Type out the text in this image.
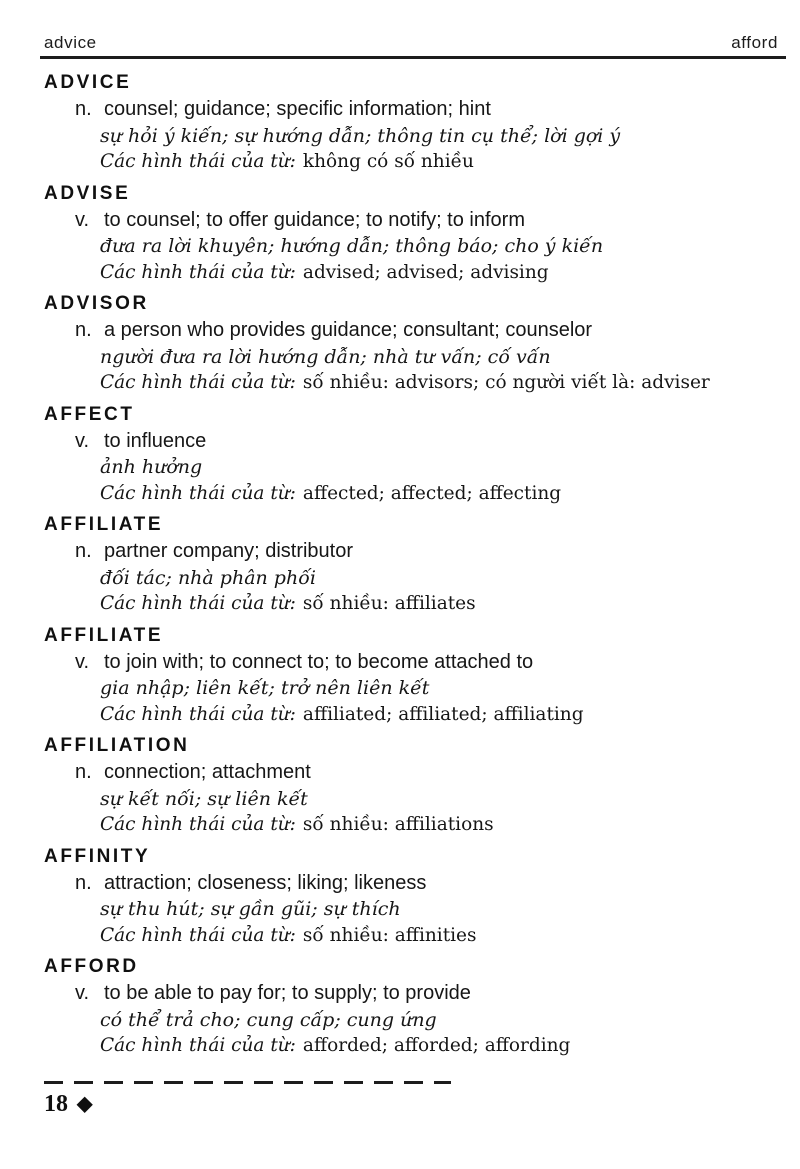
advice	afford
ADVICE

n. counsel; guidance; specific information; hint

sự hỏi ý kiến; sự hướng dẫn; thông tin cụ thể; lời gợi ý

Các hình thái của từ: không có số nhiều

ADVISE

v. to counsel; to offer guidance; to notify; to inform

đưa ra lời khuyên; hướng dẫn; thông báo; cho ý kiến

Các hình thái của từ: advised; advised; advising

ADVISOR

n. a person who provides guidance; consultant; counselor

người đưa ra lời hướng dẫn; nhà tư vấn; cố vấn

Các hình thái của từ: số nhiều: advisors; có người viết là: adviser

AFFECT

v. to influence

ảnh hưởng

Các hình thái của từ: affected; affected; affecting

AFFILIATE

n. partner company; distributor

đối tác; nhà phân phối

Các hình thái của từ: số nhiều: affiliates

AFFILIATE

v. to join with; to connect to; to become attached to

gia nhập; liên kết; trở nên liên kết

Các hình thái của từ: affiliated; affiliated; affiliating

AFFILIATION

n. connection; attachment

sự kết nối; sự liên kết

Các hình thái của từ: số nhiều: affiliations

AFFINITY

n. attraction; closeness; liking; likeness

sự thu hút; sự gần gũi; sự thích

Các hình thái của từ: số nhiều: affinities

AFFORD

v. to be able to pay for; to supply; to provide

có thể trả cho; cung cấp; cung ứng

Các hình thái của từ: afforded; afforded; affording

18 ◆
